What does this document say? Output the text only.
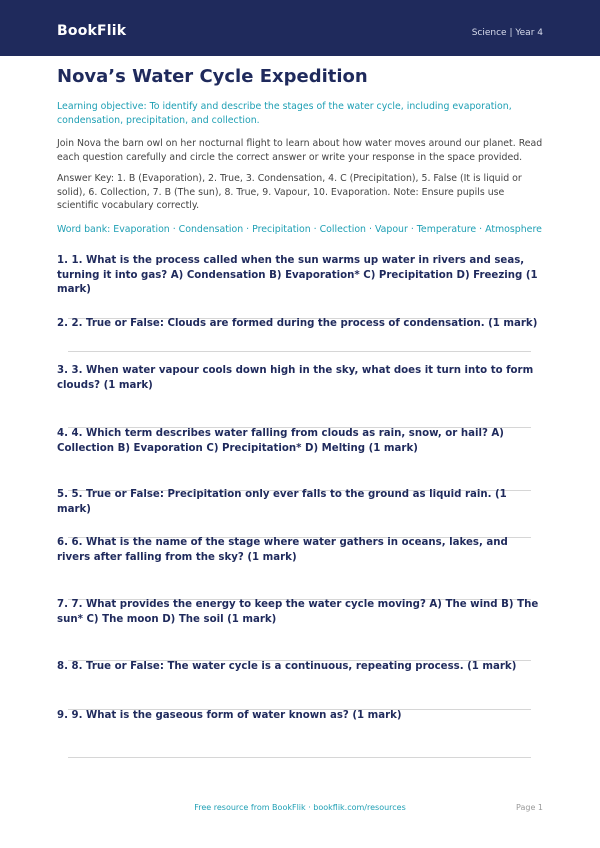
BookFlik	Science | Year 4
Nova’s Water Cycle Expedition

Learning objective: To identify and describe the stages of the water cycle, including evaporation, condensation, precipitation, and collection.

Join Nova the barn owl on her nocturnal flight to learn about how water moves around our planet. Read each question carefully and circle the correct answer or write your response in the space provided.

Answer Key: 1. B (Evaporation), 2. True, 3. Condensation, 4. C (Precipitation), 5. False (It is liquid or solid), 6. Collection, 7. B (The sun), 8. True, 9. Vapour, 10. Evaporation. Note: Ensure pupils use scientific vocabulary correctly.

Word bank: Evaporation · Condensation · Precipitation · Collection · Vapour · Temperature · Atmosphere

1. 1. What is the process called when the sun warms up water in rivers and seas, turning it into gas? A) Condensation B) Evaporation* C) Precipitation D) Freezing (1 mark)

2. 2. True or False: Clouds are formed during the process of condensation. (1 mark)

3. 3. When water vapour cools down high in the sky, what does it turn into to form clouds? (1 mark)

4. 4. Which term describes water falling from clouds as rain, snow, or hail? A) Collection B) Evaporation C) Precipitation* D) Melting (1 mark)

5. 5. True or False: Precipitation only ever falls to the ground as liquid rain. (1 mark)

6. 6. What is the name of the stage where water gathers in oceans, lakes, and rivers after falling from the sky? (1 mark)

7. 7. What provides the energy to keep the water cycle moving? A) The wind B) The sun* C) The moon D) The soil (1 mark)

8. 8. True or False: The water cycle is a continuous, repeating process. (1 mark)

9. 9. What is the gaseous form of water known as? (1 mark)

Free resource from BookFlik · bookflik.com/resources	Page 1
